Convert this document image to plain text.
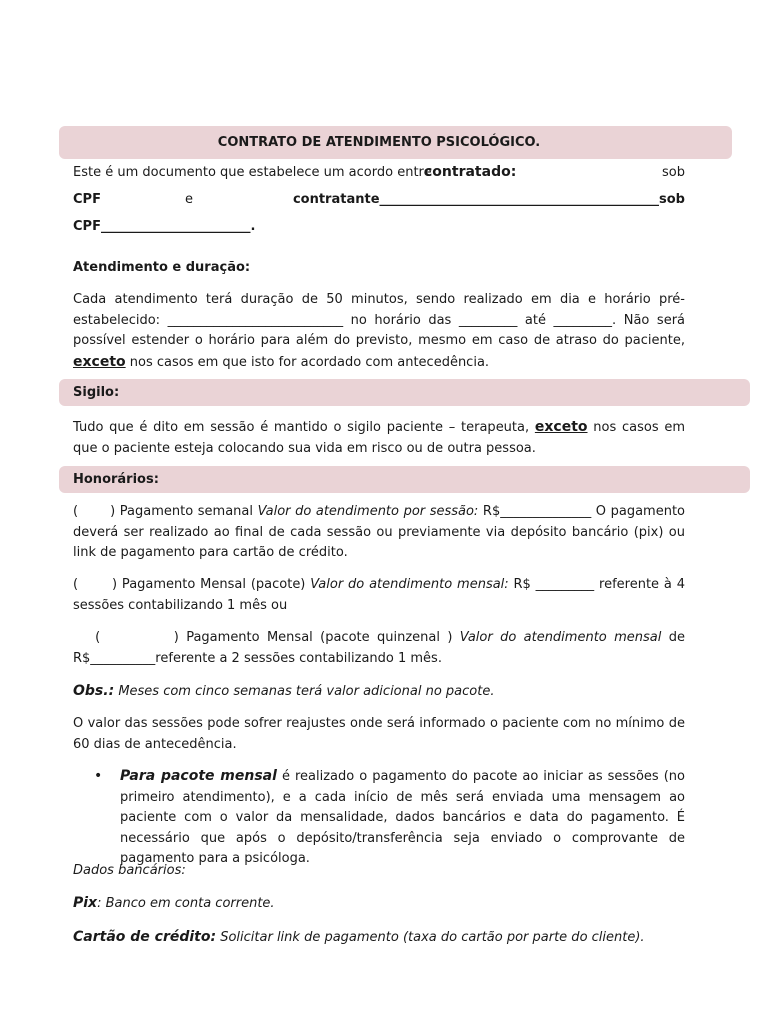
CONTRATO DE ATENDIMENTO PSICOLÓGICO.
Este é um documento que estabelece um acordo entre
contratado:	sob
CPF	e	contratante___________________________________________sob
CPF_______________________.
Atendimento e duração:
Cada atendimento terá duração de 50 minutos, sendo realizado em dia e horário pré-estabelecido: ___________________________ no horário das _________ até _________. Não será possível estender o horário para além do previsto, mesmo em caso de atraso do paciente, exceto nos casos em que isto for acordado com antecedência.
Sigilo:
Tudo que é dito em sessão é mantido o sigilo paciente – terapeuta, exceto nos casos em que o paciente esteja colocando sua vida em risco ou de outra pessoa.
Honorários:
(       ) Pagamento semanal Valor do atendimento por sessão: R$______________ O pagamento deverá ser realizado ao final de cada sessão ou previamente via depósito bancário (pix) ou link de pagamento para cartão de crédito.
(       ) Pagamento Mensal (pacote) Valor do atendimento mensal: R$ _________ referente à 4 sessões contabilizando 1 mês ou
(          ) Pagamento Mensal (pacote quinzenal ) Valor do atendimento mensal de R$__________referente a 2 sessões contabilizando 1 mês.
Obs.: Meses com cinco semanas terá valor adicional no pacote.
O valor das sessões pode sofrer reajustes onde será informado o paciente com no mínimo de 60 dias de antecedência.
• Para pacote mensal é realizado o pagamento do pacote ao iniciar as sessões (no primeiro atendimento), e a cada início de mês será enviada uma mensagem ao paciente com o valor da mensalidade, dados bancários e data do pagamento. É necessário que após o depósito/transferência seja enviado o comprovante de pagamento para a psicóloga.
Dados bancários:
Pix: Banco em conta corrente.
Cartão de crédito: Solicitar link de pagamento (taxa do cartão por parte do cliente).
